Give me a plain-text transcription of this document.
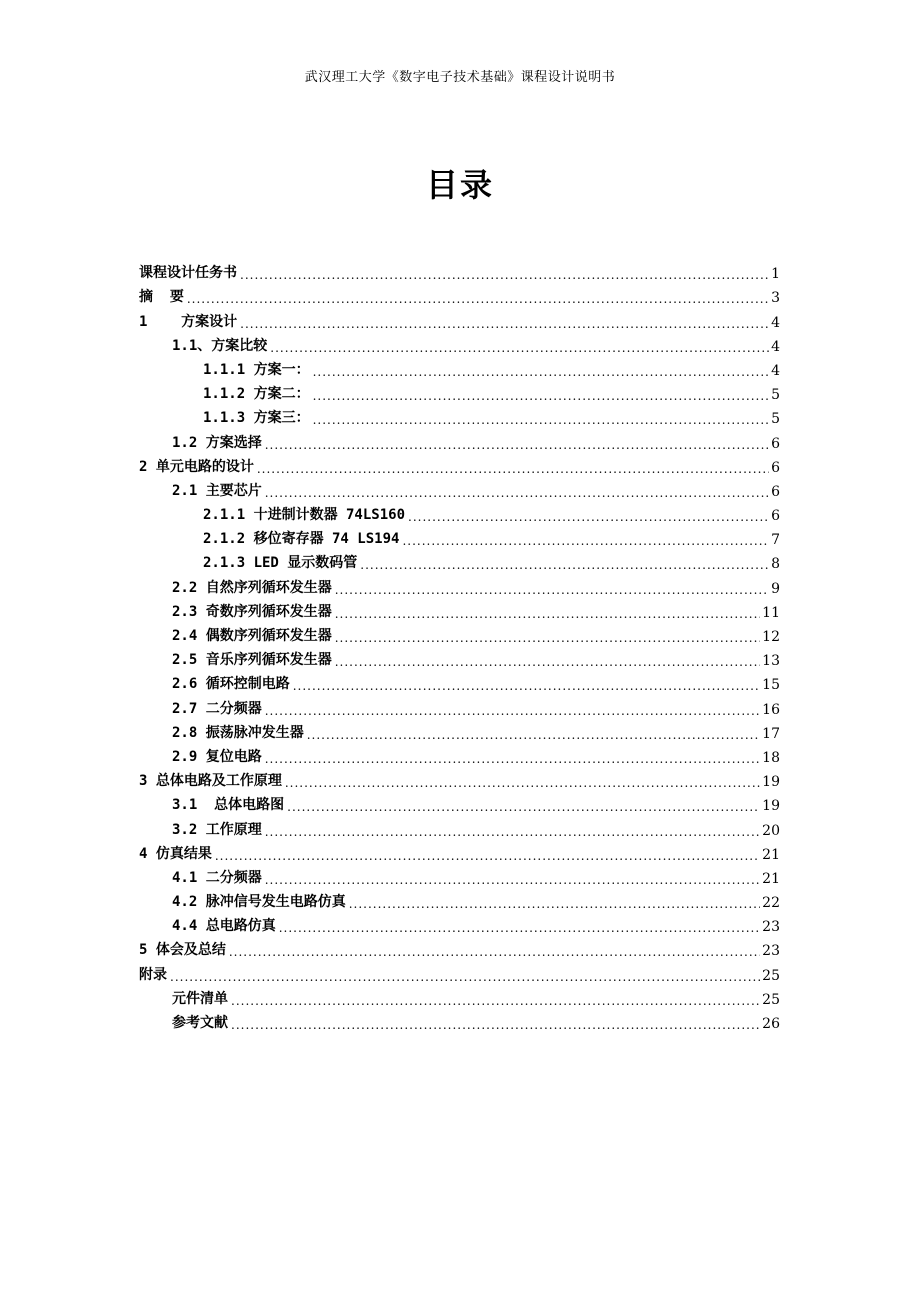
武汉理工大学《数字电子技术基础》课程设计说明书
目录
课程设计任务书 .....	1
摘  要 .....	3
1    方案设计 .....	4
1.1、方案比较 .....	4
1.1.1 方案一： .....	4
1.1.2 方案二： .....	5
1.1.3 方案三： .....	5
1.2 方案选择 .....	6
2 单元电路的设计 .....	6
2.1 主要芯片 .....	6
2.1.1 十进制计数器 74LS160 .....	6
2.1.2 移位寄存器 74 LS194 .....	7
2.1.3 LED 显示数码管 .....	8
2.2 自然序列循环发生器 .....	9
2.3 奇数序列循环发生器 .....	11
2.4 偶数序列循环发生器 .....	12
2.5 音乐序列循环发生器 .....	13
2.6 循环控制电路 .....	15
2.7 二分频器 .....	16
2.8 振荡脉冲发生器 .....	17
2.9 复位电路 .....	18
3 总体电路及工作原理 .....	19
3.1  总体电路图 .....	19
3.2 工作原理 .....	20
4 仿真结果 .....	21
4.1 二分频器 .....	21
4.2 脉冲信号发生电路仿真 .....	22
4.4 总电路仿真 .....	23
5 体会及总结 .....	23
附录 .....	25
元件清单 .....	25
参考文献 .....	26
